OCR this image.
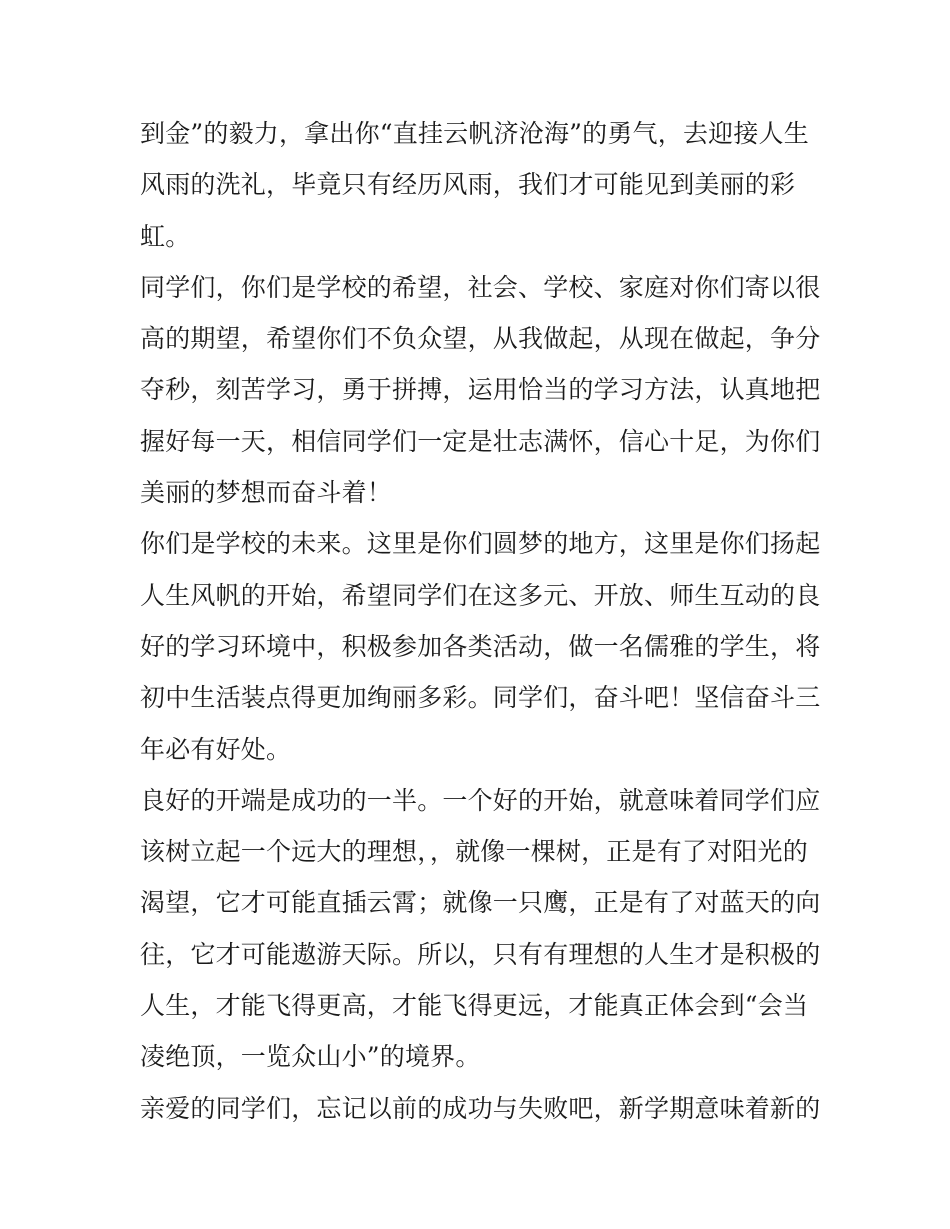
到金”的毅力，拿出你“直挂云帆济沧海”的勇气，去迎接人生
风雨的洗礼，毕竟只有经历风雨，我们才可能见到美丽的彩
虹。
同学们，你们是学校的希望，社会、学校、家庭对你们寄以很
高的期望，希望你们不负众望，从我做起，从现在做起，争分
夺秒，刻苦学习，勇于拼搏，运用恰当的学习方法，认真地把
握好每一天，相信同学们一定是壮志满怀，信心十足，为你们
美丽的梦想而奋斗着！
你们是学校的未来。这里是你们圆梦的地方，这里是你们扬起
人生风帆的开始，希望同学们在这多元、开放、师生互动的良
好的学习环境中，积极参加各类活动，做一名儒雅的学生，将
初中生活装点得更加绚丽多彩。同学们，奋斗吧！坚信奋斗三
年必有好处。
良好的开端是成功的一半。一个好的开始，就意味着同学们应
该树立起一个远大的理想，，就像一棵树，正是有了对阳光的
渴望，它才可能直插云霄；就像一只鹰，正是有了对蓝天的向
往，它才可能遨游天际。所以，只有有理想的人生才是积极的
人生，才能飞得更高，才能飞得更远，才能真正体会到“会当
凌绝顶，一览众山小”的境界。
亲爱的同学们，忘记以前的成功与失败吧，新学期意味着新的
